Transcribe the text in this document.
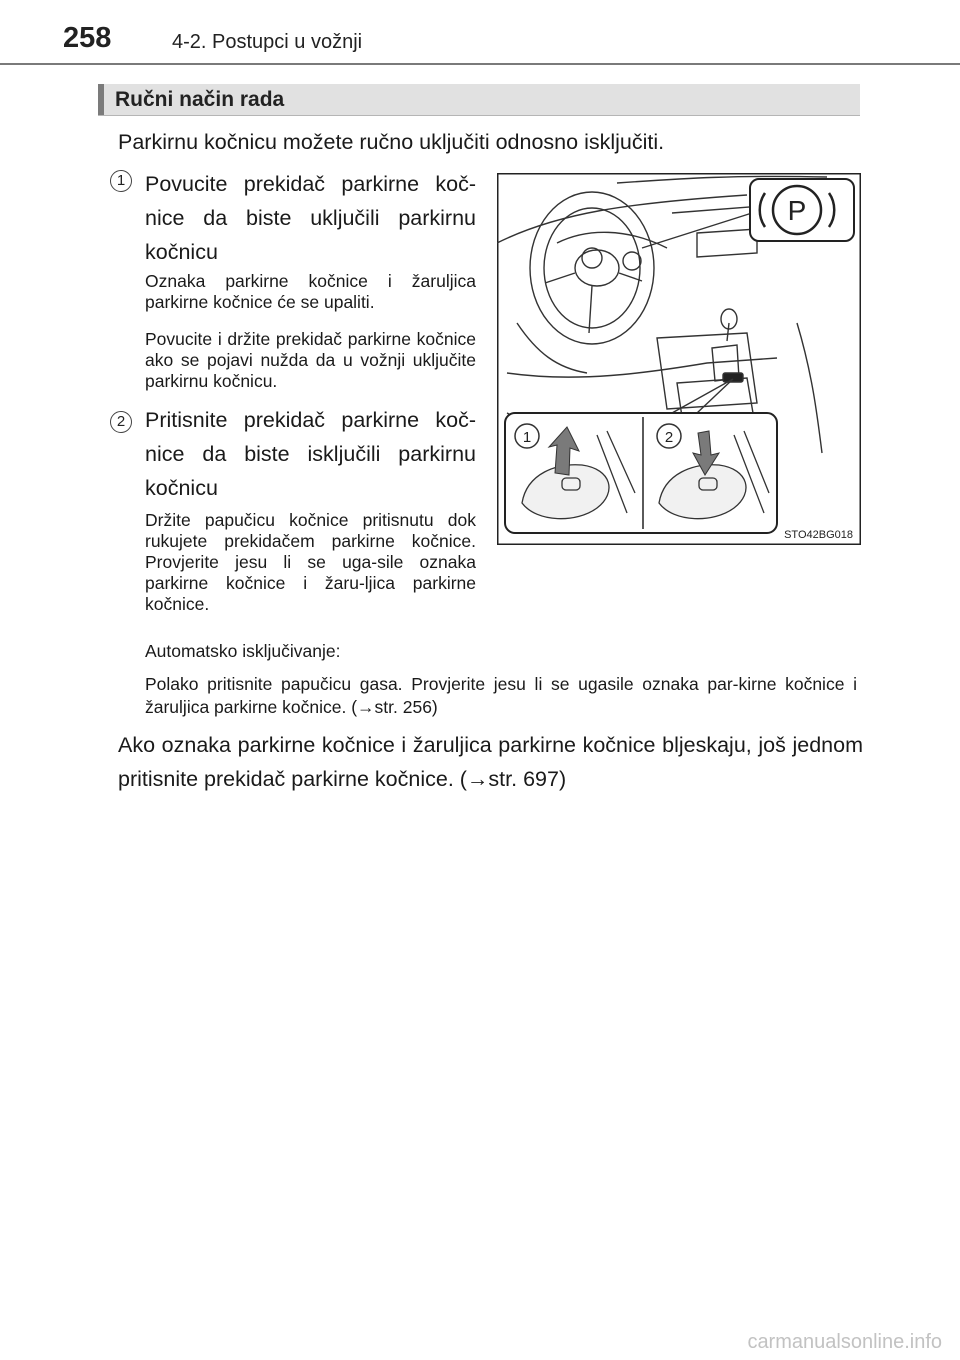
258	4-2. Postupci u vožnji
Ručni način rada
Parkirnu kočnicu možete ručno uključiti odnosno isključiti.
1 Povucite prekidač parkirne koč-nice da biste uključili parkirnu kočnicu
Oznaka parkirne kočnice i žaruljica parkirne kočnice će se upaliti.
Povucite i držite prekidač parkirne kočnice ako se pojavi nužda da u vožnji uključite parkirnu kočnicu.
2 Pritisnite prekidač parkirne koč-nice da biste isključili parkirnu kočnicu
Držite papučicu kočnice pritisnutu dok rukujete prekidačem parkirne kočnice. Provjerite jesu li se uga-sile oznaka parkirne kočnice i žaru-ljica parkirne kočnice.
Automatsko isključivanje:
Polako pritisnite papučicu gasa. Provjerite jesu li se ugasile oznaka par-kirne kočnice i žaruljica parkirne kočnice. (→str. 256)
Ako oznaka parkirne kočnice i žaruljica parkirne kočnice bljeskaju, još jednom pritisnite prekidač parkirne kočnice. (→str. 697)
P
1	2
STO42BG018
carmanualsonline.info
